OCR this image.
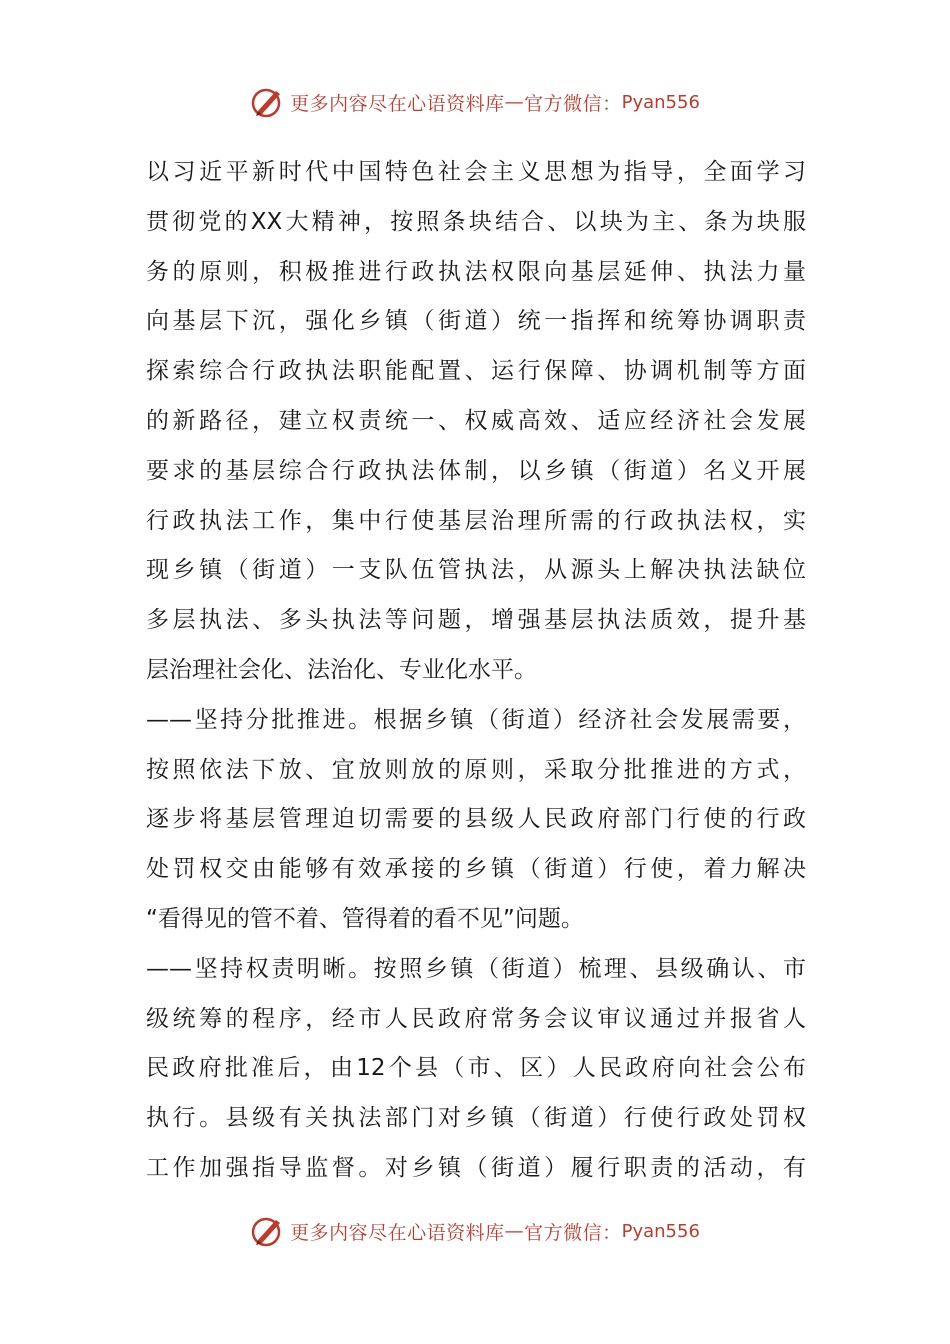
更多内容尽在心语资料库 — 官方微信： Pyan556
以习近平新时代中国特色社会主义思想为指导，全面学习
贯彻党的XX大精神，按照条块结合、以块为主、条为块服
务的原则，积极推进行政执法权限向基层延伸、执法力量
向基层下沉，强化乡镇（街道）统一指挥和统筹协调职责
探索综合行政执法职能配置、运行保障、协调机制等方面
的新路径，建立权责统一、权威高效、适应经济社会发展
要求的基层综合行政执法体制，以乡镇（街道）名义开展
行政执法工作，集中行使基层治理所需的行政执法权，实
现乡镇（街道）一支队伍管执法，从源头上解决执法缺位
多层执法、多头执法等问题，增强基层执法质效，提升基
层治理社会化、法治化、专业化水平。
——坚持分批推进。根据乡镇（街道）经济社会发展需要，
按照依法下放、宜放则放的原则，采取分批推进的方式，
逐步将基层管理迫切需要的县级人民政府部门行使的行政
处罚权交由能够有效承接的乡镇（街道）行使，着力解决
“看得见的管不着、管得着的看不见”问题。
——坚持权责明晰。按照乡镇（街道）梳理、县级确认、市
级统筹的程序，经市人民政府常务会议审议通过并报省人
民政府批准后，由12个县（市、区）人民政府向社会公布
执行。县级有关执法部门对乡镇（街道）行使行政处罚权
工作加强指导监督。对乡镇（街道）履行职责的活动，有
更多内容尽在心语资料库 — 官方微信： Pyan556
